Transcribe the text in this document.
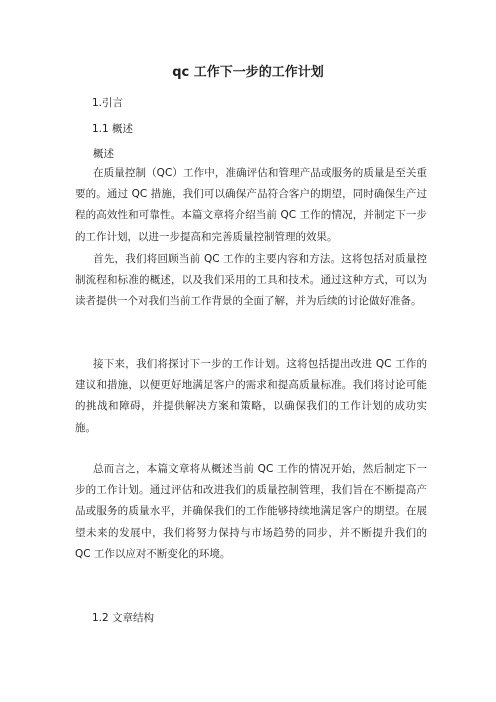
qc 工作下一步的工作计划
1.引言
1.1 概述
概述

在质量控制（QC）工作中，准确评估和管理产品或服务的质量是至关重要的。通过 QC 措施，我们可以确保产品符合客户的期望，同时确保生产过程的高效性和可靠性。本篇文章将介绍当前 QC 工作的情况，并制定下一步的工作计划，以进一步提高和完善质量控制管理的效果。

首先，我们将回顾当前 QC 工作的主要内容和方法。这将包括对质量控制流程和标准的概述，以及我们采用的工具和技术。通过这种方式，可以为读者提供一个对我们当前工作背景的全面了解，并为后续的讨论做好准备。

接下来，我们将探讨下一步的工作计划。这将包括提出改进 QC 工作的建议和措施，以便更好地满足客户的需求和提高质量标准。我们将讨论可能的挑战和障碍，并提供解决方案和策略，以确保我们的工作计划的成功实施。

总而言之，本篇文章将从概述当前 QC 工作的情况开始，然后制定下一步的工作计划。通过评估和改进我们的质量控制管理，我们旨在不断提高产品或服务的质量水平，并确保我们的工作能够持续地满足客户的期望。在展望未来的发展中，我们将努力保持与市场趋势的同步，并不断提升我们的 QC 工作以应对不断变化的环境。

1.2 文章结构
